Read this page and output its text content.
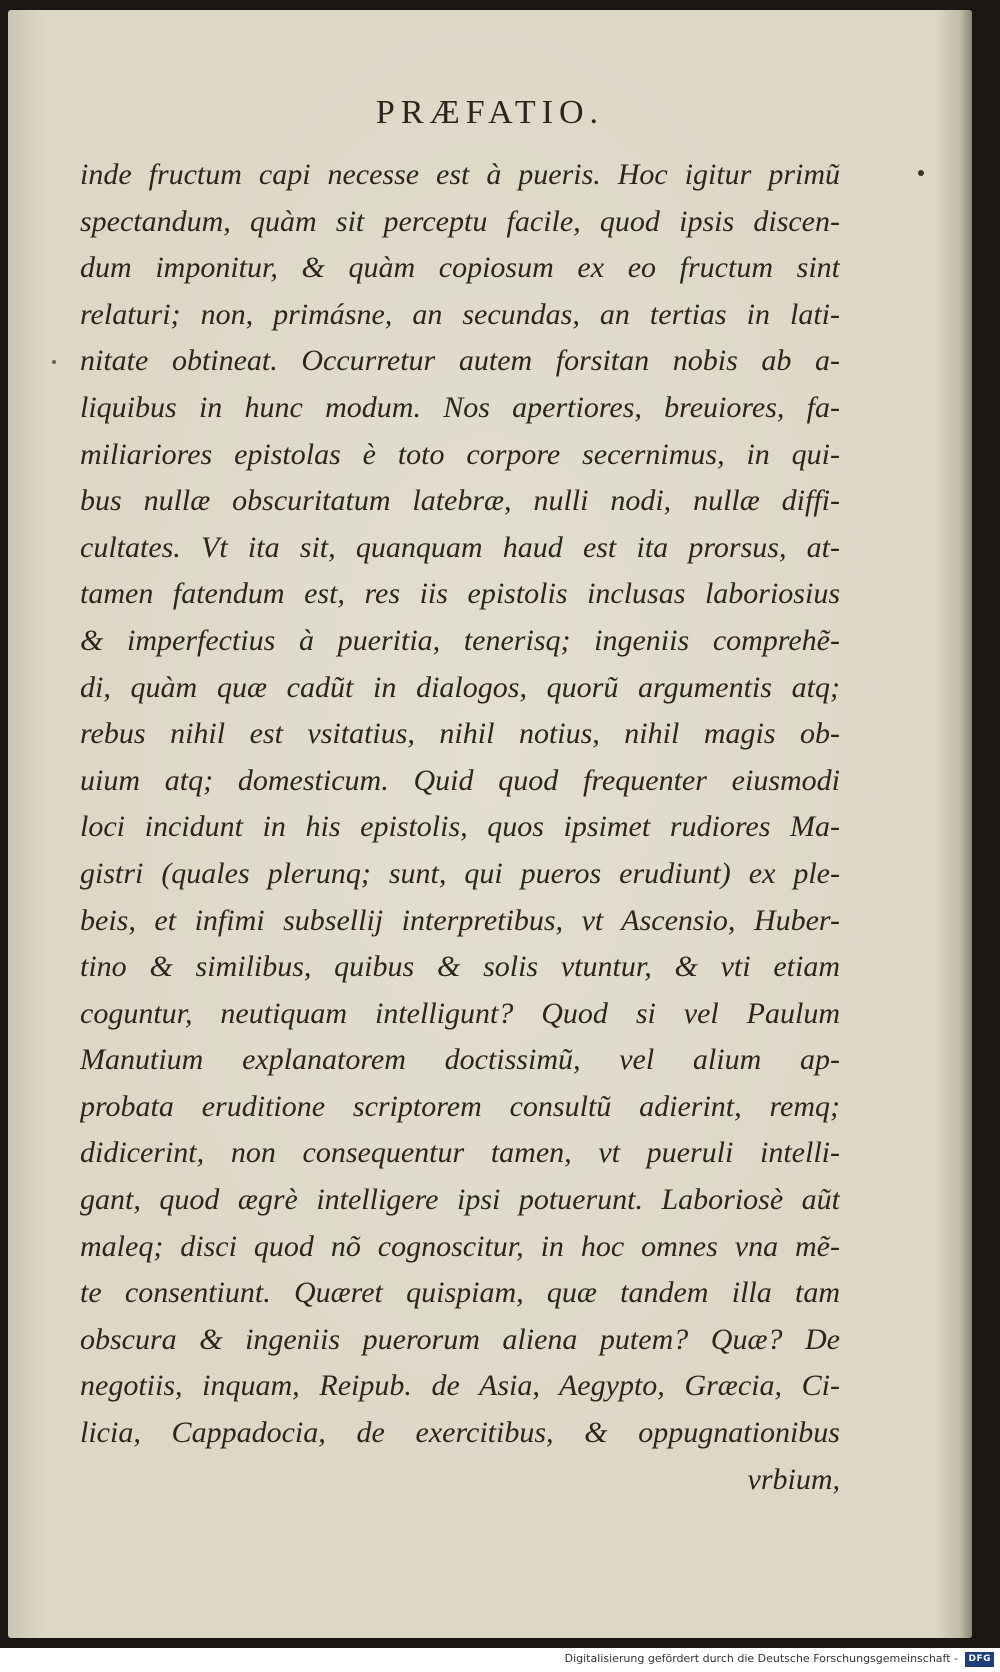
PRÆFATIO.
inde fructum capi necesse est à pueris. Hoc igitur primũ
spectandum, quàm sit perceptu facile, quod ipsis discen-
dum imponitur, & quàm copiosum ex eo fructum sint
relaturi; non, primásne, an secundas, an tertias in lati-
nitate obtineat. Occurretur autem forsitan nobis ab a-
liquibus in hunc modum. Nos apertiores, breuiores, fa-
miliariores epistolas è toto corpore secernimus, in qui-
bus nullæ obscuritatum latebræ, nulli nodi, nullæ diffi-
cultates. Vt ita sit, quanquam haud est ita prorsus, at-
tamen fatendum est, res iis epistolis inclusas laboriosius
& imperfectius à pueritia, tenerisq; ingeniis comprehẽ-
di, quàm quæ cadũt in dialogos, quorũ argumentis atq;
rebus nihil est vsitatius, nihil notius, nihil magis ob-
uium atq; domesticum. Quid quod frequenter eiusmodi
loci incidunt in his epistolis, quos ipsimet rudiores Ma-
gistri (quales plerunq; sunt, qui pueros erudiunt) ex ple-
beis, et infimi subsellij interpretibus, vt Ascensio, Huber-
tino & similibus, quibus & solis vtuntur, & vti etiam
coguntur, neutiquam intelligunt? Quod si vel Paulum
Manutium explanatorem doctissimũ, vel alium ap-
probata eruditione scriptorem consultũ adierint, remq;
didicerint, non consequentur tamen, vt pueruli intelli-
gant, quod ægrè intelligere ipsi potuerunt. Laboriosè aũt
maleq; disci quod nõ cognoscitur, in hoc omnes vna mẽ-
te consentiunt. Quæret quispiam, quæ tandem illa tam
obscura & ingeniis puerorum aliena putem? Quæ? De
negotiis, inquam, Reipub. de Asia, Aegypto, Græcia, Ci-
licia, Cappadocia, de exercitibus, & oppugnationibus
vrbium,
Digitalisierung gefördert durch die Deutsche Forschungsgemeinschaft -	DFG
